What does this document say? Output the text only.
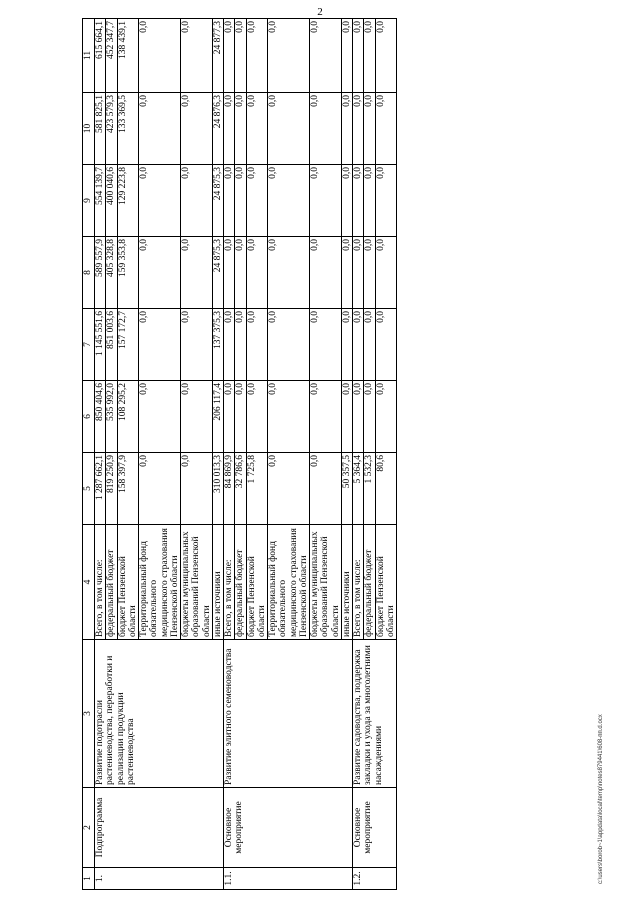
2
1	2	3	4	5	6	7	8	9	10	11
1.	Подпрограмма	Развитие подотрасли растениеводства, переработки и реализации продукции растениеводства	Всего, в том числе:	1 287 662,1	850 404,6	1 145 551,6	589 557,9	554 139,7	581 825,1	615 664,1
			федеральный бюджет	819 250,9	535 992,0	851 003,6	405 328,8	400 040,6	423 579,3	452 347,7
			бюджет Пензенской области	158 397,9	108 295,2	157 172,7	159 353,8	129 223,8	133 369,5	138 439,1
			Территориальный фонд обязательного медицинского страхования Пензенской области	0,0	0,0	0,0	0,0	0,0	0,0	0,0
			бюджеты муниципальных образований Пензенской области	0,0	0,0	0,0	0,0	0,0	0,0	0,0
			иные источники	310 013,3	206 117,4	137 375,3	24 875,3	24 875,3	24 876,3	24 877,3
1.1.	Основное мероприятие	Развитие элитного семеноводства	Всего, в том числе:	84 869,9	0,0	0,0	0,0	0,0	0,0	0,0
			федеральный бюджет	32 786,6	0,0	0,0	0,0	0,0	0,0	0,0
			бюджет Пензенской области	1 725,8	0,0	0,0	0,0	0,0	0,0	0,0
			Территориальный фонд обязательного медицинского страхования Пензенской области	0,0	0,0	0,0	0,0	0,0	0,0	0,0
			бюджеты муниципальных образований Пензенской области	0,0	0,0	0,0	0,0	0,0	0,0	0,0
			иные источники	50 357,5	0,0	0,0	0,0	0,0	0,0	0,0
1.2.	Основное мероприятие	Развитие садоводства, поддержка закладки и ухода за многолетними насаждениями	Всего, в том числе:	5 364,4	0,0	0,0	0,0	0,0	0,0	0,0
			федеральный бюджет	1 532,3	0,0	0,0	0,0	0,0	0,0	0,0
			бюджет Пензенской области	80,6	0,0	0,0	0,0	0,0	0,0	0,0
c:\users\borob~1\appdata\local\temp\notes879441\608-пп.d.ocx
